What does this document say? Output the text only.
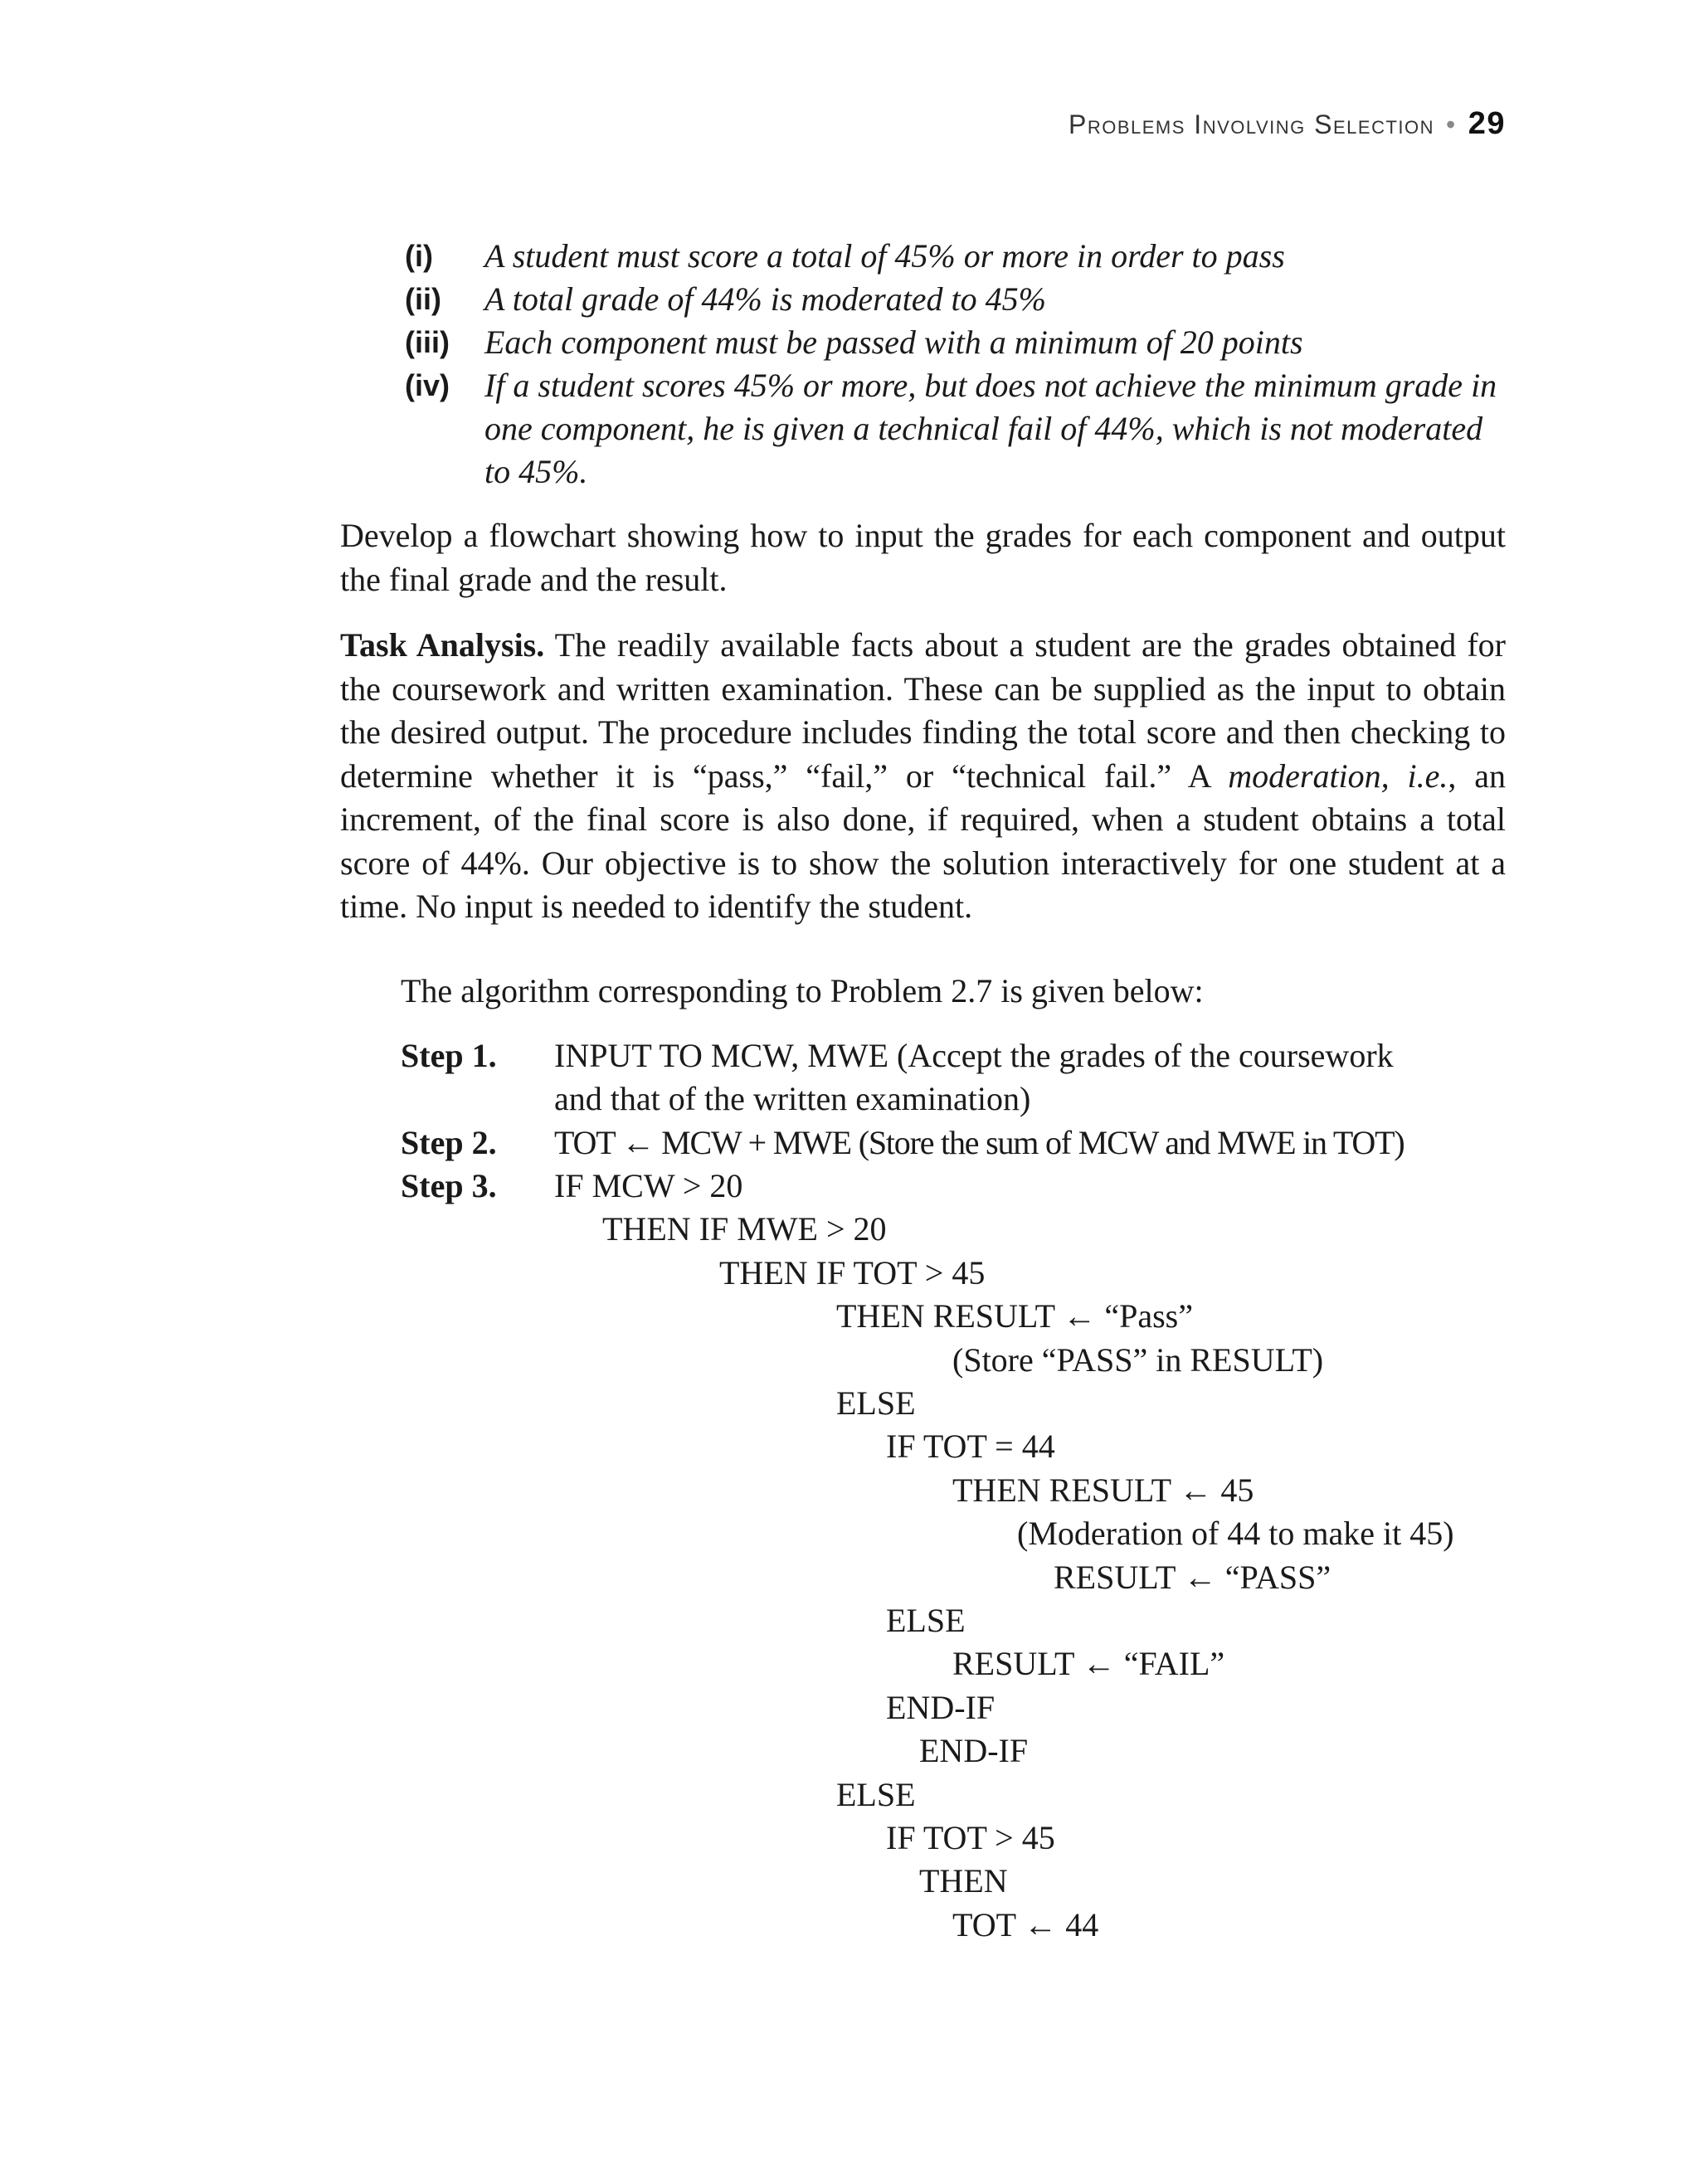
Problems Involving Selection • 29
(i) A student must score a total of 45% or more in order to pass
(ii) A total grade of 44% is moderated to 45%
(iii) Each component must be passed with a minimum of 20 points
(iv) If a student scores 45% or more, but does not achieve the minimum grade in one component, he is given a technical fail of 44%, which is not moderated to 45%.

Develop a flowchart showing how to input the grades for each component and output the final grade and the result.

Task Analysis. The readily available facts about a student are the grades obtained for the coursework and written examination. These can be supplied as the input to obtain the desired output. The procedure includes finding the total score and then checking to determine whether it is “pass,” “fail,” or “technical fail.” A moderation, i.e., an increment, of the final score is also done, if required, when a student obtains a total score of 44%. Our objective is to show the solution interactively for one student at a time. No input is needed to identify the student.

The algorithm corresponding to Problem 2.7 is given below:

Step 1. INPUT TO MCW, MWE (Accept the grades of the coursework
and that of the written examination)
Step 2. TOT ← MCW + MWE (Store the sum of MCW and MWE in TOT)
Step 3. IF MCW > 20
THEN IF MWE > 20
THEN IF TOT > 45
THEN RESULT ← “Pass”
(Store “PASS” in RESULT)
ELSE
IF TOT = 44
THEN RESULT ← 45
(Moderation of 44 to make it 45)
RESULT ← “PASS”
ELSE
RESULT ← “FAIL”
END-IF
END-IF
ELSE
IF TOT > 45
THEN
TOT ← 44
